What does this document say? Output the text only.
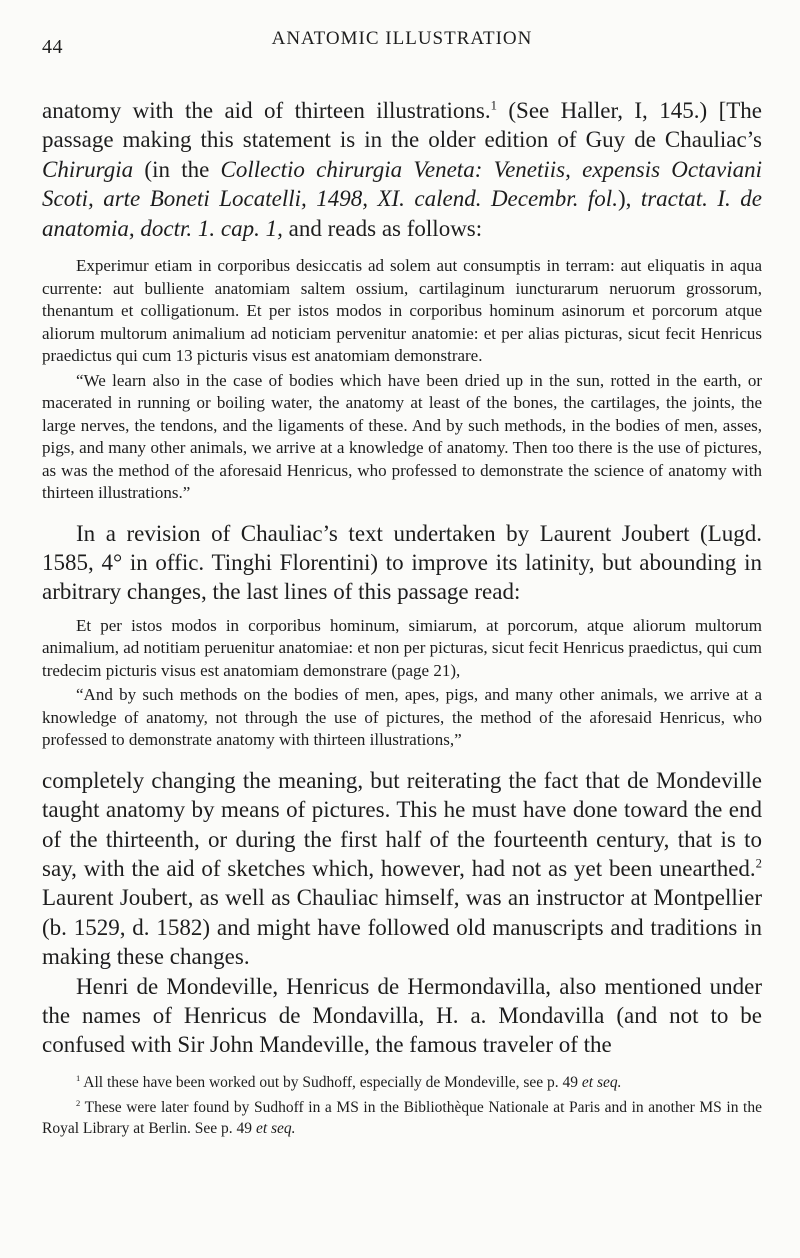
44	ANATOMIC ILLUSTRATION

anatomy with the aid of thirteen illustrations.$^1$ (See Haller, I, 145.) [The passage making this statement is in the older edition of Guy de Chauliac’s Chirurgia (in the Collectio chirurgia Veneta: Venetiis, expensis Octaviani Scoti, arte Boneti Locatelli, 1498, XI. calend. Decembr. fol.), tractat. I. de anatomia, doctr. 1. cap. 1, and reads as follows:

Experimur etiam in corporibus desiccatis ad solem aut consumptis in terram: aut eliquatis in aqua currente: aut bulliente anatomiam saltem ossium, cartilaginum iuncturarum neruorum grossorum, thenantum et colligationum. Et per istos modos in corporibus hominum asinorum et porcorum atque aliorum multorum animalium ad noticiam pervenitur anatomie: et per alias picturas, sicut fecit Henricus praedictus qui cum 13 picturis visus est anatomiam demonstrare.

“We learn also in the case of bodies which have been dried up in the sun, rotted in the earth, or macerated in running or boiling water, the anatomy at least of the bones, the cartilages, the joints, the large nerves, the tendons, and the ligaments of these. And by such methods, in the bodies of men, asses, pigs, and many other animals, we arrive at a knowledge of anatomy. Then too there is the use of pictures, as was the method of the aforesaid Henricus, who professed to demonstrate the science of anatomy with thirteen illustrations.”

In a revision of Chauliac’s text undertaken by Laurent Joubert (Lugd. 1585, 4° in offic. Tinghi Florentini) to improve its latinity, but abounding in arbitrary changes, the last lines of this passage read:

Et per istos modos in corporibus hominum, simiarum, at porcorum, atque aliorum multorum animalium, ad notitiam peruenitur anatomiae: et non per picturas, sicut fecit Henricus praedictus, qui cum tredecim picturis visus est anatomiam demonstrare (page 21),

“And by such methods on the bodies of men, apes, pigs, and many other animals, we arrive at a knowledge of anatomy, not through the use of pictures, the method of the aforesaid Henricus, who professed to demonstrate anatomy with thirteen illustrations,”

completely changing the meaning, but reiterating the fact that de Mondeville taught anatomy by means of pictures. This he must have done toward the end of the thirteenth, or during the first half of the fourteenth century, that is to say, with the aid of sketches which, however, had not as yet been unearthed.$^2$ Laurent Joubert, as well as Chauliac himself, was an instructor at Montpellier (b. 1529, d. 1582) and might have followed old manuscripts and traditions in making these changes.

Henri de Mondeville, Henricus de Hermondavilla, also mentioned under the names of Henricus de Mondavilla, H. a. Mondavilla (and not to be confused with Sir John Mandeville, the famous traveler of the

$^1$ All these have been worked out by Sudhoff, especially de Mondeville, see p. 49 et seq.

$^2$ These were later found by Sudhoff in a MS in the Bibliothèque Nationale at Paris and in another MS in the Royal Library at Berlin. See p. 49 et seq.
